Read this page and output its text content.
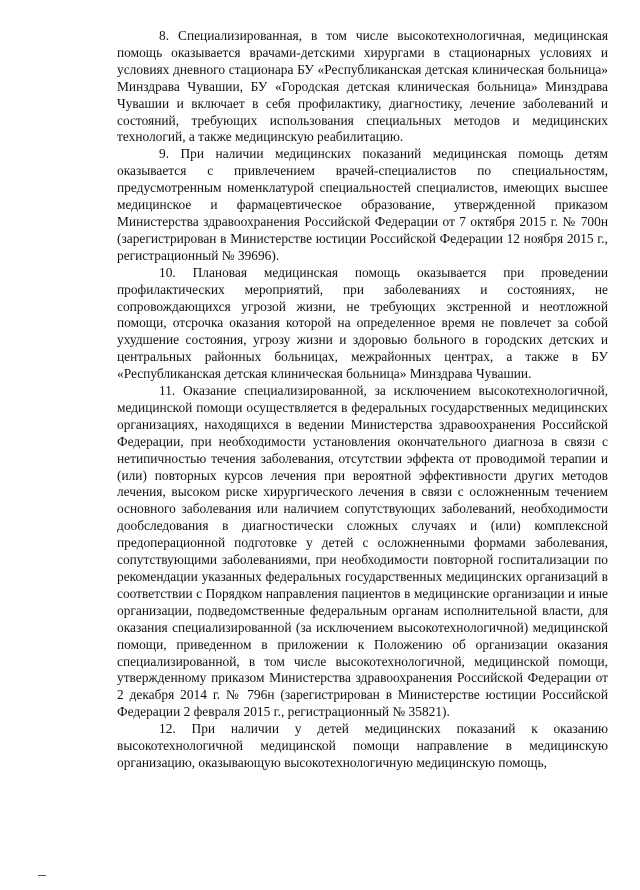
8. Специализированная, в том числе высокотехнологичная, медицинская помощь оказывается врачами-детскими хирургами в стационарных условиях и условиях дневного стационара БУ «Республиканская детская клиническая больница» Минздрава Чувашии, БУ «Городская детская клиническая больница» Минздрава Чувашии и включает в себя профилактику, диагностику, лечение заболеваний и состояний, требующих использования специальных методов и медицинских технологий, а также медицинскую реабилитацию.

9. При наличии медицинских показаний медицинская помощь детям оказывается с привлечением врачей-специалистов по специальностям, предусмотренным номенклатурой специальностей специалистов, имеющих высшее медицинское и фармацевтическое образование, утвержденной приказом Министерства здравоохранения Российской Федерации от 7 октября 2015 г. № 700н (зарегистрирован в Министерстве юстиции Российской Федерации 12 ноября 2015 г., регистрационный № 39696).

10. Плановая медицинская помощь оказывается при проведении профилактических мероприятий, при заболеваниях и состояниях, не сопровождающихся угрозой жизни, не требующих экстренной и неотложной помощи, отсрочка оказания которой на определенное время не повлечет за собой ухудшение состояния, угрозу жизни и здоровью больного в городских детских и центральных районных больницах, межрайонных центрах, а также в БУ «Республиканская детская клиническая больница» Минздрава Чувашии.

11. Оказание специализированной, за исключением высокотехнологичной, медицинской помощи осуществляется в федеральных государственных медицинских организациях, находящихся в ведении Министерства здравоохранения Российской Федерации, при необходимости установления окончательного диагноза в связи с нетипичностью течения заболевания, отсутствии эффекта от проводимой терапии и (или) повторных курсов лечения при вероятной эффективности других методов лечения, высоком риске хирургического лечения в связи с осложненным течением основного заболевания или наличием сопутствующих заболеваний, необходимости дообследования в диагностически сложных случаях и (или) комплексной предоперационной подготовке у детей с осложненными формами заболевания, сопутствующими заболеваниями, при необходимости повторной госпитализации по рекомендации указанных федеральных государственных медицинских организаций в соответствии с Порядком направления пациентов в медицинские организации и иные организации, подведомственные федеральным органам исполнительной власти, для оказания специализированной (за исключением высокотехнологичной) медицинской помощи, приведенном в приложении к Положению об организации оказания специализированной, в том числе высокотехнологичной, медицинской помощи, утвержденному приказом Министерства здравоохранения Российской Федерации от 2 декабря 2014 г. № 796н (зарегистрирован в Министерстве юстиции Российской Федерации 2 февраля 2015 г., регистрационный № 35821).

12. При наличии у детей медицинских показаний к оказанию высокотехнологичной медицинской помощи направление в медицинскую организацию, оказывающую высокотехнологичную медицинскую помощь,
